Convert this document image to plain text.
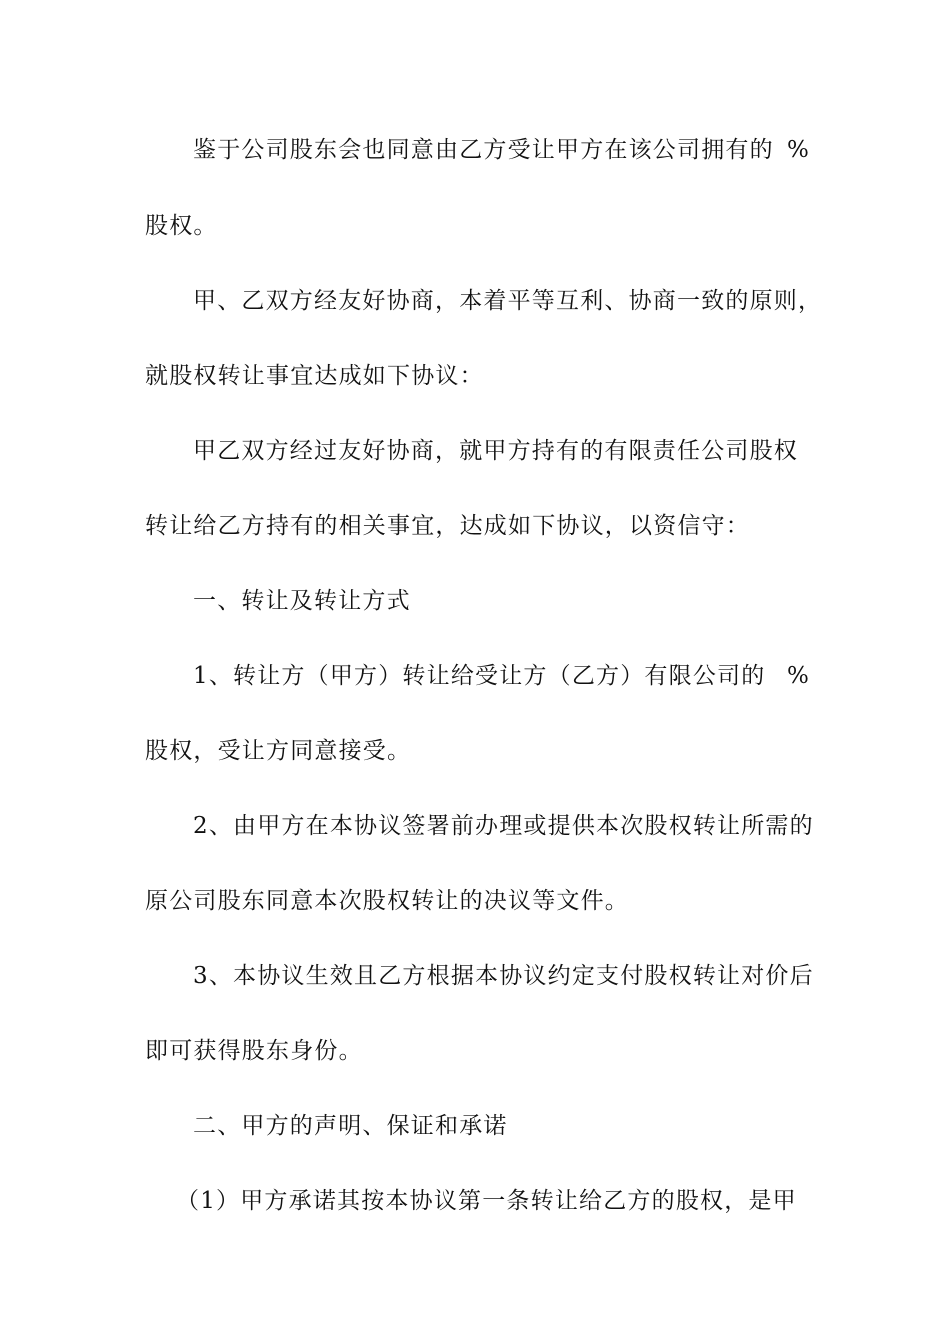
鉴于公司股东会也同意由乙方受让甲方在该公司拥有的 %
股权。
甲、乙双方经友好协商，本着平等互利、协商一致的原则，
就股权转让事宜达成如下协议：
甲乙双方经过友好协商，就甲方持有的有限责任公司股权
转让给乙方持有的相关事宜，达成如下协议，以资信守：
一、转让及转让方式
1、转让方（甲方）转让给受让方（乙方）有限公司的 %
股权，受让方同意接受。
2、由甲方在本协议签署前办理或提供本次股权转让所需的
原公司股东同意本次股权转让的决议等文件。
3、本协议生效且乙方根据本协议约定支付股权转让对价后
即可获得股东身份。
二、甲方的声明、保证和承诺
（1）甲方承诺其按本协议第一条转让给乙方的股权，是甲
